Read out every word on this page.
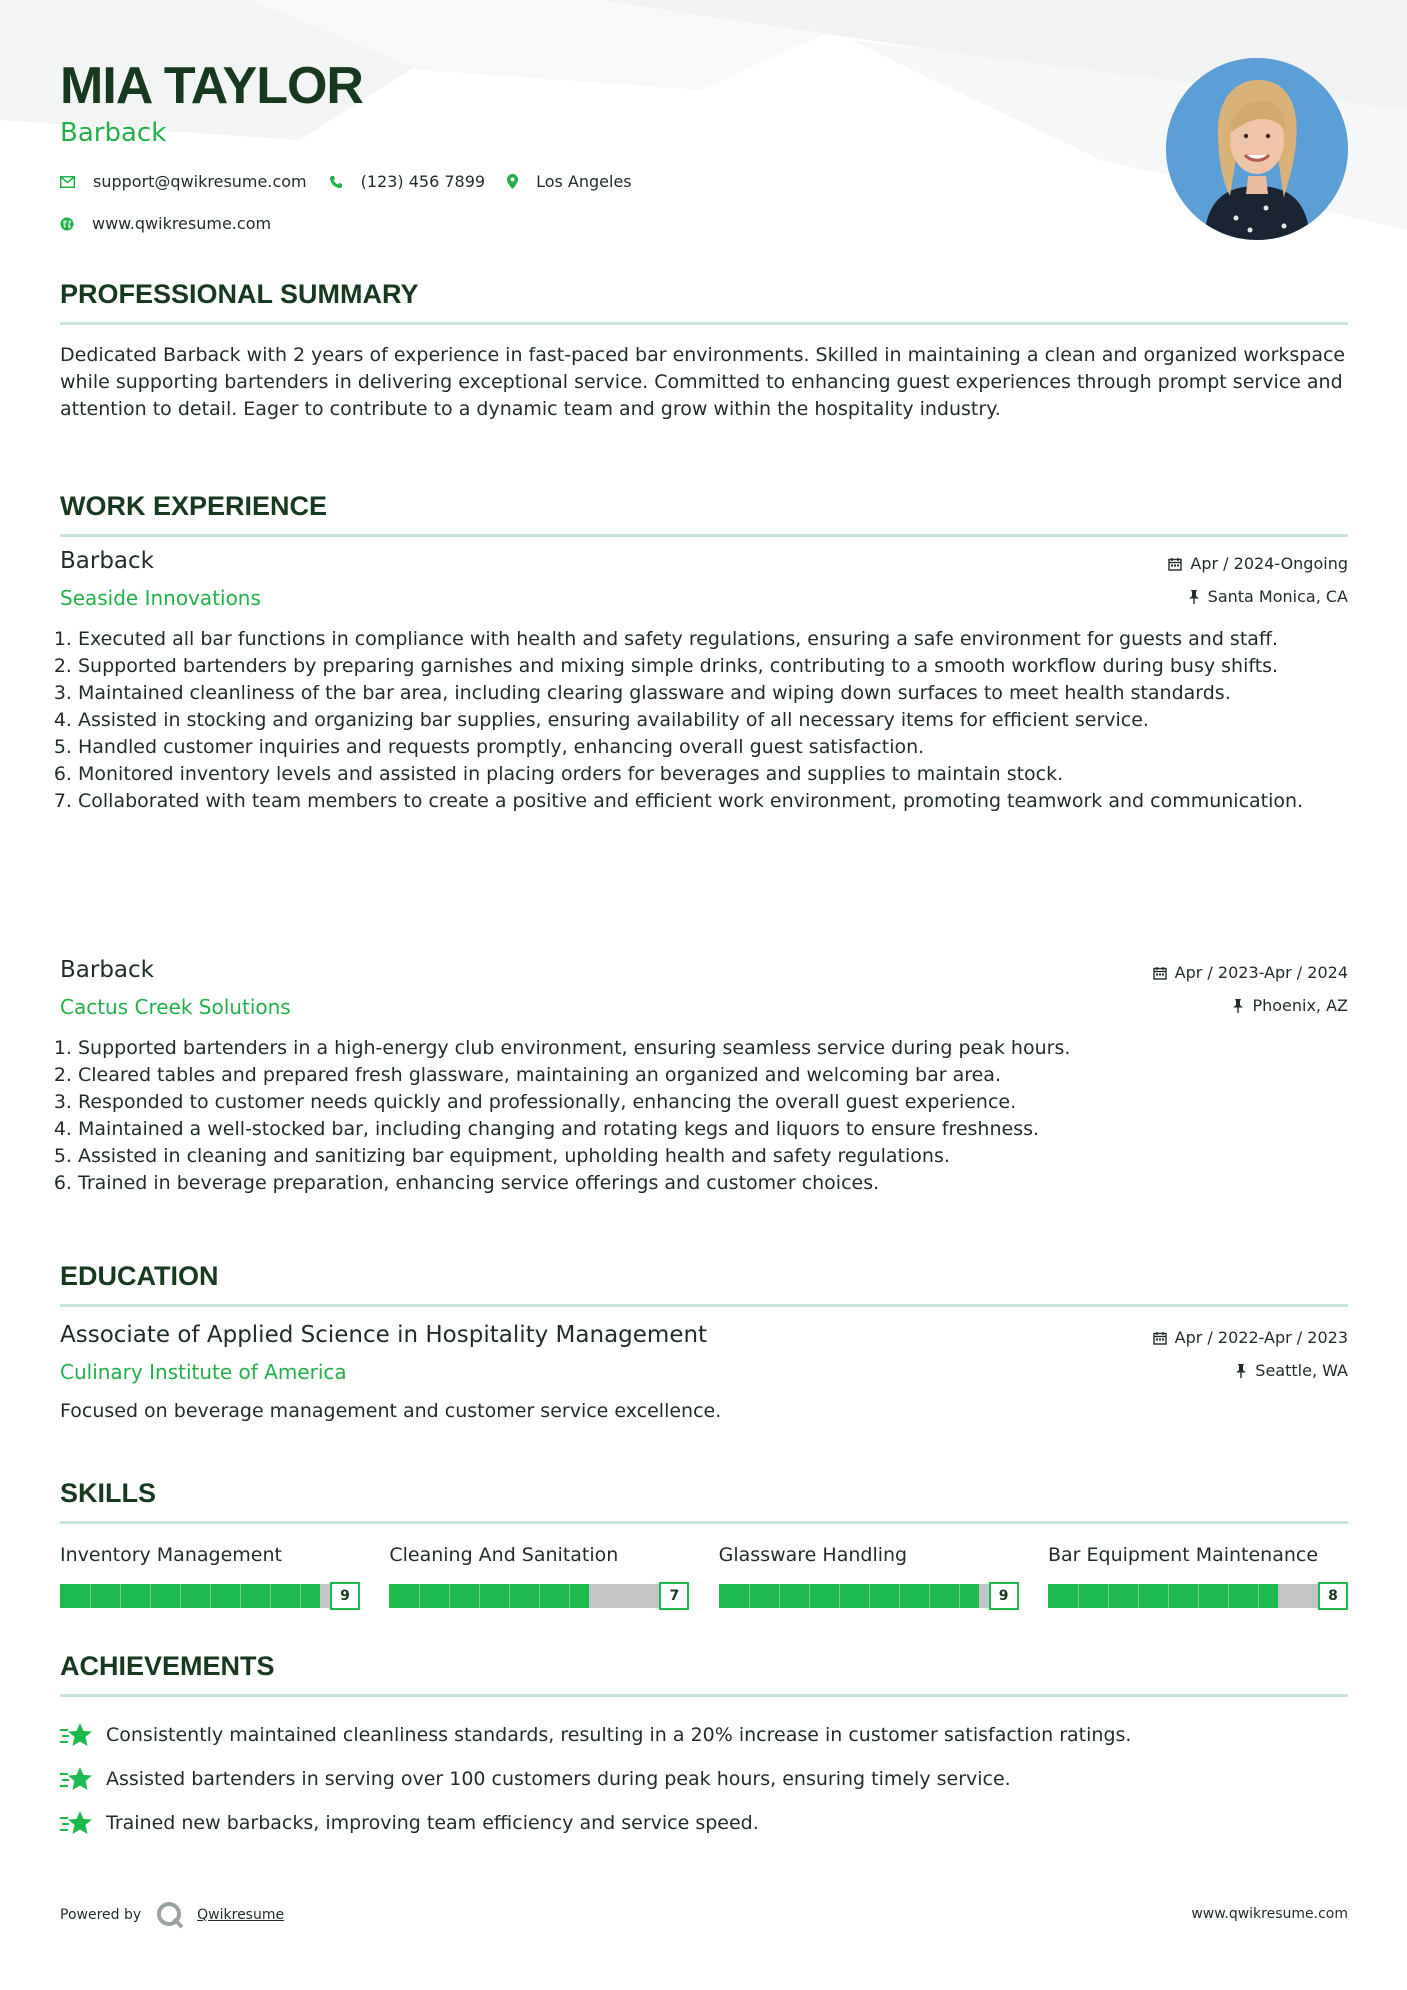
MIA TAYLOR
Barback
support@qwikresume.com	(123) 456 7899	Los Angeles
www.qwikresume.com
PROFESSIONAL SUMMARY

Dedicated Barback with 2 years of experience in fast-paced bar environments. Skilled in maintaining a clean and organized workspace while supporting bartenders in delivering exceptional service. Committed to enhancing guest experiences through prompt service and attention to detail. Eager to contribute to a dynamic team and grow within the hospitality industry.

WORK EXPERIENCE
Barback
Seaside Innovations
Apr / 2024-Ongoing
Santa Monica, CA
1. Executed all bar functions in compliance with health and safety regulations, ensuring a safe environment for guests and staff.
2. Supported bartenders by preparing garnishes and mixing simple drinks, contributing to a smooth workflow during busy shifts.
3. Maintained cleanliness of the bar area, including clearing glassware and wiping down surfaces to meet health standards.
4. Assisted in stocking and organizing bar supplies, ensuring availability of all necessary items for efficient service.
5. Handled customer inquiries and requests promptly, enhancing overall guest satisfaction.
6. Monitored inventory levels and assisted in placing orders for beverages and supplies to maintain stock.
7. Collaborated with team members to create a positive and efficient work environment, promoting teamwork and communication.
Barback
Cactus Creek Solutions
Apr / 2023-Apr / 2024
Phoenix, AZ
1. Supported bartenders in a high-energy club environment, ensuring seamless service during peak hours.
2. Cleared tables and prepared fresh glassware, maintaining an organized and welcoming bar area.
3. Responded to customer needs quickly and professionally, enhancing the overall guest experience.
4. Maintained a well-stocked bar, including changing and rotating kegs and liquors to ensure freshness.
5. Assisted in cleaning and sanitizing bar equipment, upholding health and safety regulations.
6. Trained in beverage preparation, enhancing service offerings and customer choices.
EDUCATION
Associate of Applied Science in Hospitality Management
Culinary Institute of America
Apr / 2022-Apr / 2023
Seattle, WA

Focused on beverage management and customer service excellence.

SKILLS
Inventory Management
9
Cleaning And Sanitation
7
Glassware Handling
9
Bar Equipment Maintenance
8
ACHIEVEMENTS
Consistently maintained cleanliness standards, resulting in a 20% increase in customer satisfaction ratings.
Assisted bartenders in serving over 100 customers during peak hours, ensuring timely service.
Trained new barbacks, improving team efficiency and service speed.
Powered by	Qwikresume	www.qwikresume.com
